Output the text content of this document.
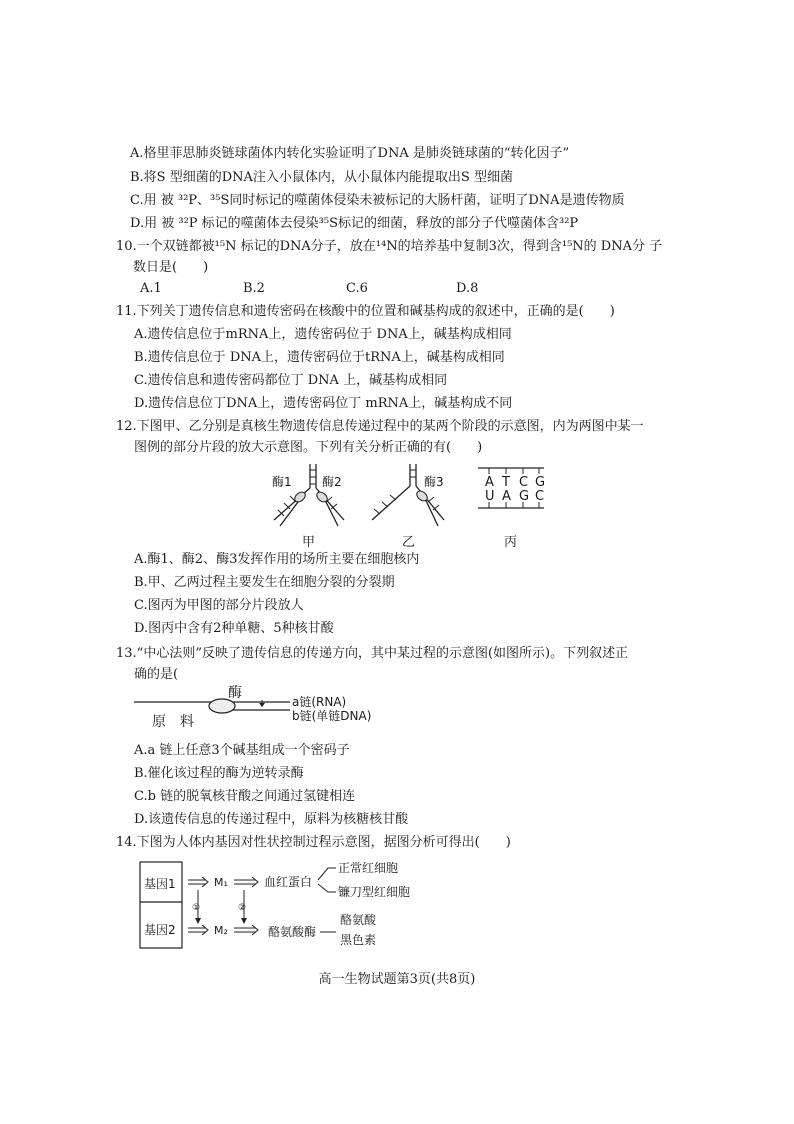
A.格里菲思肺炎链球菌体内转化实验证明了DNA 是肺炎链球菌的“转化因子”
B.将S 型细菌的DNA注入小鼠体内，从小鼠体内能提取出S 型细菌
C.用 被 ³²P、³⁵S同时标记的噬菌体侵染未被标记的大肠杆菌，证明了DNA是遗传物质
D.用 被 ³²P 标记的噬菌体去侵染³⁵S标记的细菌，释放的部分子代噬菌体含³²P
10.一个双链都被¹⁵N 标记的DNA分子，放在¹⁴N的培养基中复制3次，得到含¹⁵N的 DNA分 子
数日是(　　)
A.1	B.2	C.6	D.8
11.下列关丁遗传信息和遗传密码在核酸中的位置和碱基构成的叙述中，正确的是(　　)
A.遗传信息位于mRNA上，遗传密码位于 DNA上，碱基构成相同
B.遗传信息位于 DNA上，遗传密码位于tRNA上，碱基构成相同
C.遗传信息和遗传密码都位丁 DNA 上，碱基构成相同
D.遗传信息位丁DNA上，遗传密码位丁 mRNA上，碱基构成不同
12.下图甲、乙分别是真核生物遗传信息传递过程中的某两个阶段的示意图，内为两图中某一
图例的部分片段的放大示意图。下列有关分析正确的有(　　)
酶1	酶2	酶3	A T C G
U A G C
甲	乙	丙
A.酶1、酶2、酶3发挥作用的场所主要在细胞核内
B.甲、乙两过程主要发生在细胞分裂的分裂期
C.图丙为甲图的部分片段放人
D.图丙中含有2种单糖、5种核甘酸
13.“中心法则”反映了遗传信息的传递方向，其中某过程的示意图(如图所示)。下列叙述正
确的是(
酶
原　料
a链(RNA)
b链(单链DNA)
A.a 链上任意3个碱基组成一个密码子
B.催化该过程的酶为逆转录酶
C.b 链的脱氧核苷酸之间通过氢键相连
D.该遗传信息的传递过程中，原料为核糖核甘酸
14.下图为人体内基因对性状控制过程示意图，据图分析可得出(　　)
基因1
基因2
M₁
M₂
①	②
血红蛋白
酪氨酸酶
正常红细胞
镰刀型红细胞
酪氨酸
黑色素
高一生物试题第3页(共8页)
